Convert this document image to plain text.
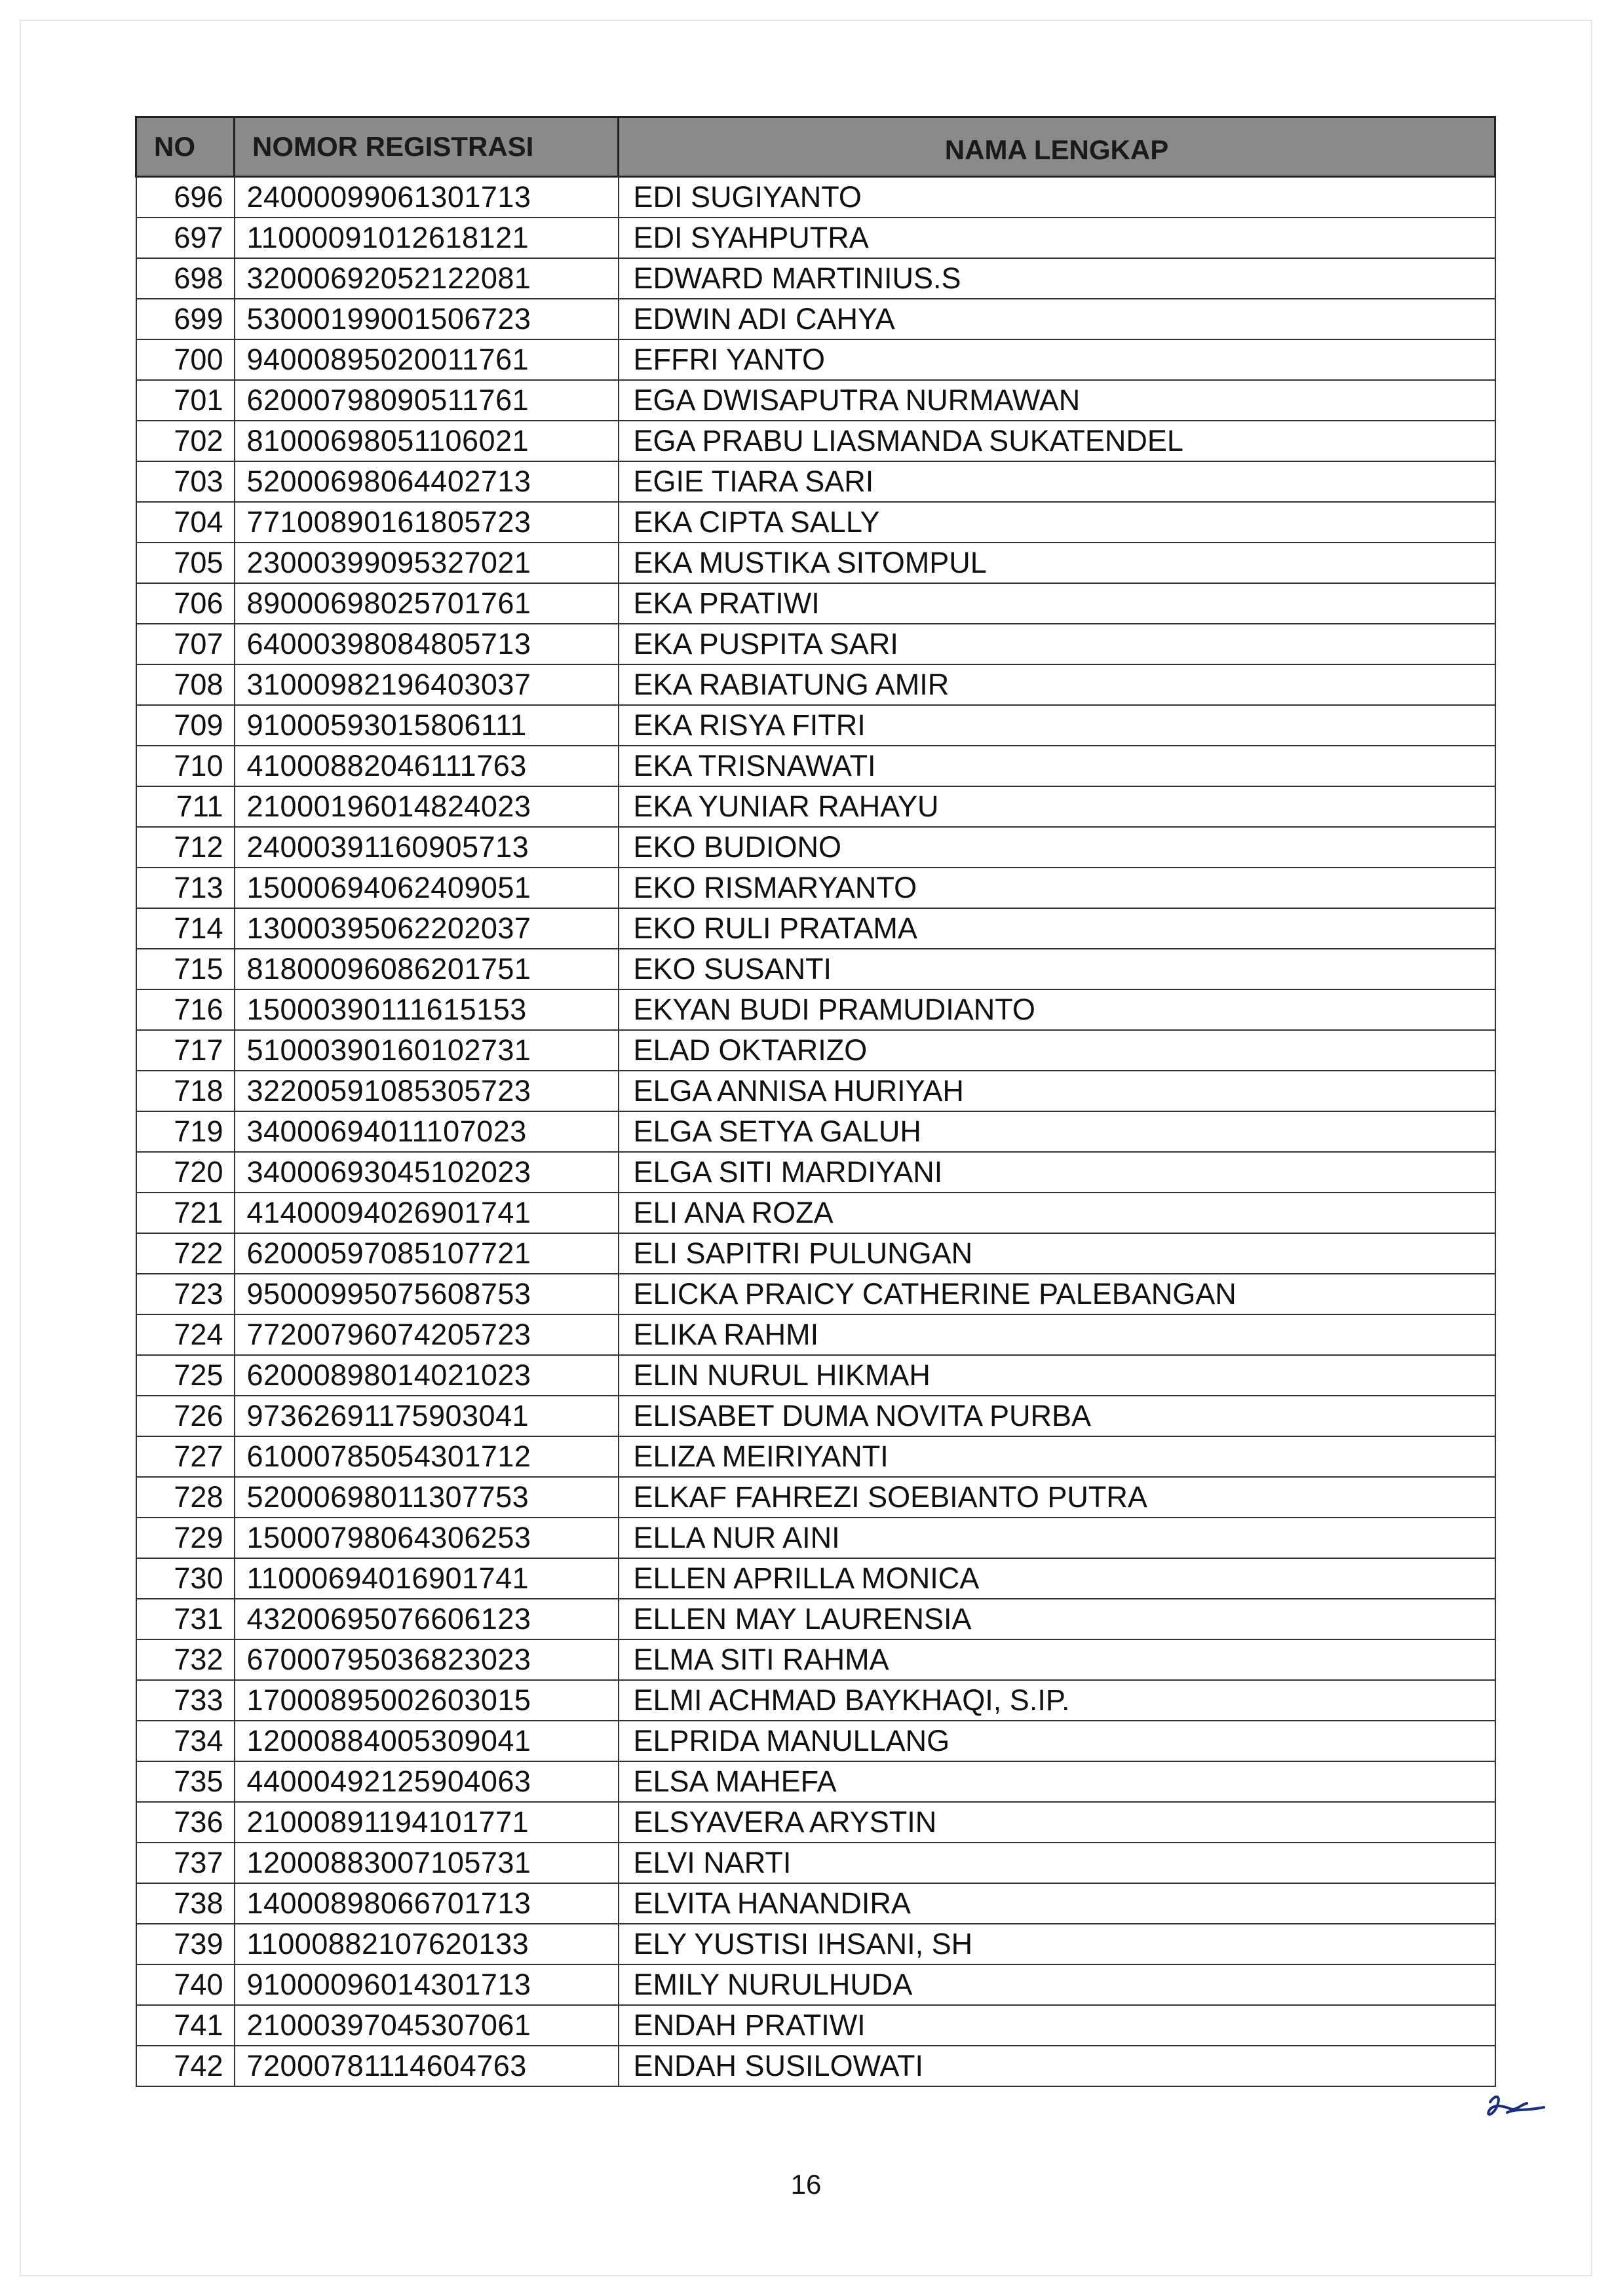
NO	NOMOR REGISTRASI	NAMA LENGKAP
696	24000099061301713	EDI SUGIYANTO
697	11000091012618121	EDI SYAHPUTRA
698	32000692052122081	EDWARD MARTINIUS.S
699	53000199001506723	EDWIN ADI CAHYA
700	94000895020011761	EFFRI YANTO
701	62000798090511761	EGA DWISAPUTRA NURMAWAN
702	81000698051106021	EGA PRABU LIASMANDA SUKATENDEL
703	52000698064402713	EGIE TIARA SARI
704	77100890161805723	EKA CIPTA SALLY
705	23000399095327021	EKA MUSTIKA SITOMPUL
706	89000698025701761	EKA PRATIWI
707	64000398084805713	EKA PUSPITA SARI
708	31000982196403037	EKA RABIATUNG AMIR
709	91000593015806111	EKA RISYA FITRI
710	41000882046111763	EKA TRISNAWATI
711	21000196014824023	EKA YUNIAR RAHAYU
712	24000391160905713	EKO BUDIONO
713	15000694062409051	EKO RISMARYANTO
714	13000395062202037	EKO RULI PRATAMA
715	81800096086201751	EKO SUSANTI
716	15000390111615153	EKYAN BUDI PRAMUDIANTO
717	51000390160102731	ELAD OKTARIZO
718	32200591085305723	ELGA ANNISA HURIYAH
719	34000694011107023	ELGA SETYA GALUH
720	34000693045102023	ELGA SITI MARDIYANI
721	41400094026901741	ELI ANA ROZA
722	62000597085107721	ELI SAPITRI PULUNGAN
723	95000995075608753	ELICKA PRAICY CATHERINE PALEBANGAN
724	77200796074205723	ELIKA RAHMI
725	62000898014021023	ELIN NURUL HIKMAH
726	97362691175903041	ELISABET DUMA NOVITA PURBA
727	61000785054301712	ELIZA MEIRIYANTI
728	52000698011307753	ELKAF FAHREZI SOEBIANTO PUTRA
729	15000798064306253	ELLA NUR AINI
730	11000694016901741	ELLEN APRILLA MONICA
731	43200695076606123	ELLEN MAY LAURENSIA
732	67000795036823023	ELMA SITI RAHMA
733	17000895002603015	ELMI ACHMAD BAYKHAQI, S.IP.
734	12000884005309041	ELPRIDA MANULLANG
735	44000492125904063	ELSA MAHEFA
736	21000891194101771	ELSYAVERA ARYSTIN
737	12000883007105731	ELVI NARTI
738	14000898066701713	ELVITA HANANDIRA
739	11000882107620133	ELY YUSTISI IHSANI, SH
740	91000096014301713	EMILY NURULHUDA
741	21000397045307061	ENDAH PRATIWI
742	72000781114604763	ENDAH SUSILOWATI
16
